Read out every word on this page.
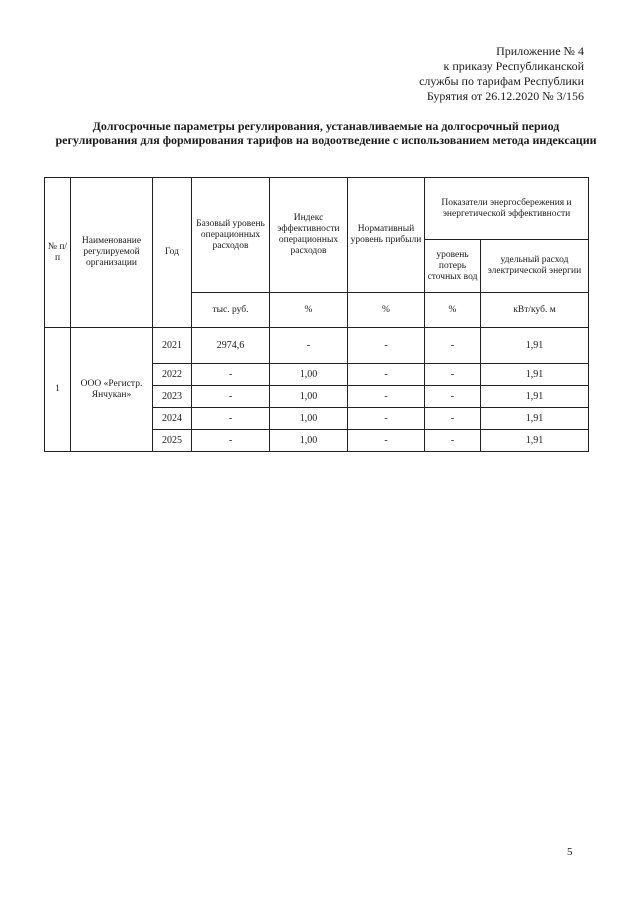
Приложение № 4
к приказу Республиканской
службы по тарифам Республики
Бурятия от 26.12.2020 № 3/156
Долгосрочные параметры регулирования, устанавливаемые на долгосрочный период регулирования для формирования тарифов на водоотведение с использованием метода индексации
№ п/п	Наименование регулируемой организации	Год	Базовый уровень операционных расходов	Индекс эффективности операционных расходов	Нормативный уровень прибыли	Показатели энергосбережения и энергетической эффективности	
						уровень потерь сточных вод	удельный расход электрической энергии
			тыс. руб.	%	%	%	кВт/куб. м
1	ООО «Регистр. Янчукан»	2021	2974,6	-	-	-	1,91
		2022	-	1,00	-	-	1,91
		2023	-	1,00	-	-	1,91
		2024	-	1,00	-	-	1,91
		2025	-	1,00	-	-	1,91
5
